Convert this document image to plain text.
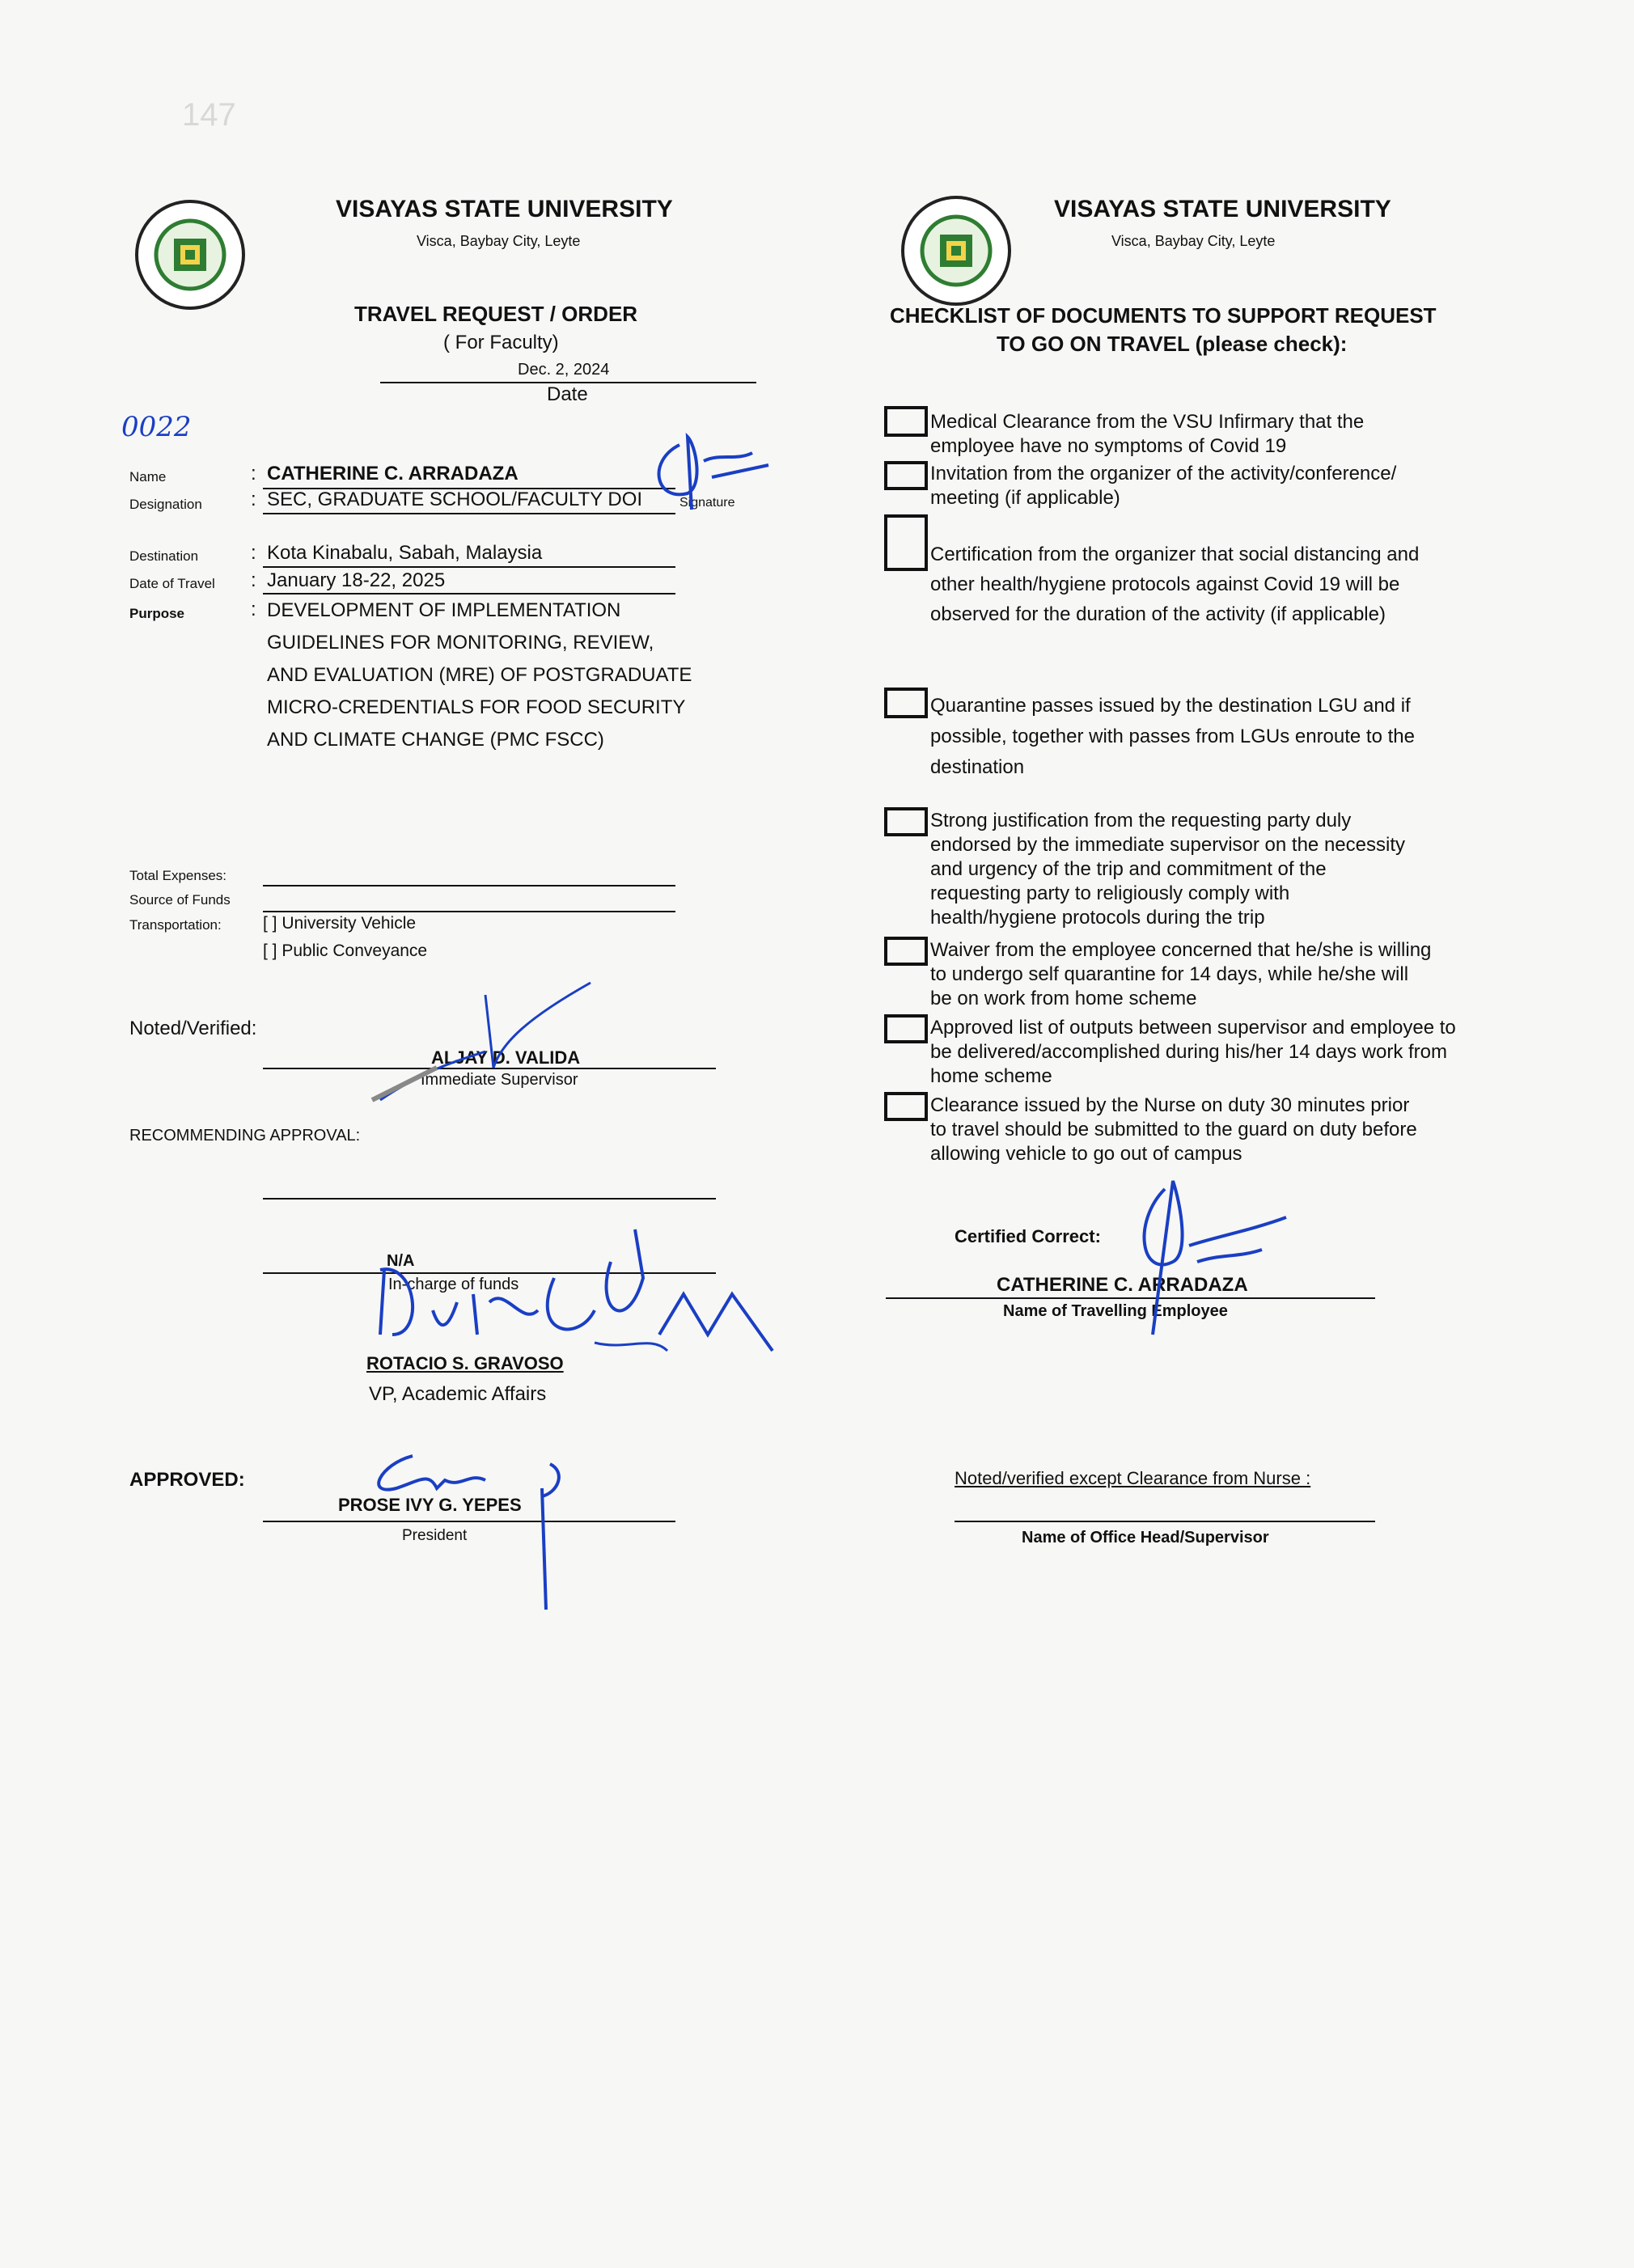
147
VISAYAS STATE UNIVERSITY
Visca, Baybay City, Leyte
TRAVEL REQUEST / ORDER
( For Faculty)
Dec. 2, 2024
Date
0022
Name	: CATHERINE C. ARRADAZA
Designation	: SEC, GRADUATE SCHOOL/FACULTY DOI	Signature
Destination	: Kota Kinabalu, Sabah, Malaysia
Date of Travel : January 18-22, 2025
Purpose	: DEVELOPMENT OF IMPLEMENTATION
GUIDELINES FOR MONITORING, REVIEW,
AND EVALUATION (MRE) OF POSTGRADUATE
MICRO-CREDENTIALS FOR FOOD SECURITY
AND CLIMATE CHANGE (PMC FSCC)
Total Expenses:
Source of Funds
Transportation: [ ] University Vehicle
[ ] Public Conveyance
Noted/Verified:
ALJAY D. VALIDA
Immediate Supervisor
RECOMMENDING APPROVAL:
N/A
In-charge of funds
ROTACIO S. GRAVOSO
VP, Academic Affairs
APPROVED:
PROSE IVY G. YEPES
President
VISAYAS STATE UNIVERSITY
Visca, Baybay City, Leyte
CHECKLIST OF DOCUMENTS TO SUPPORT REQUEST
TO GO ON TRAVEL (please check):
Medical Clearance from the VSU Infirmary that the employee have no symptoms of Covid 19
Invitation from the organizer of the activity/conference/ meeting (if applicable)
Certification from the organizer that social distancing and other health/hygiene protocols against Covid 19 will be observed for the duration of the activity (if applicable)
Quarantine passes issued by the destination LGU and if possible, together with passes from LGUs enroute to the destination
Strong justification from the requesting party duly endorsed by the immediate supervisor on the necessity and urgency of the trip and commitment of the requesting party to religiously comply with health/hygiene protocols during the trip
Waiver from the employee concerned that he/she is willing to undergo self quarantine for 14 days, while he/she will be on work from home scheme
Approved list of outputs between supervisor and employee to be delivered/accomplished during his/her 14 days work from home scheme
Clearance issued by the Nurse on duty 30 minutes prior to travel should be submitted to the guard on duty before allowing vehicle to go out of campus
Certified Correct:
CATHERINE C. ARRADAZA
Name of Travelling Employee
Noted/verified except Clearance from Nurse :
Name of Office Head/Supervisor
